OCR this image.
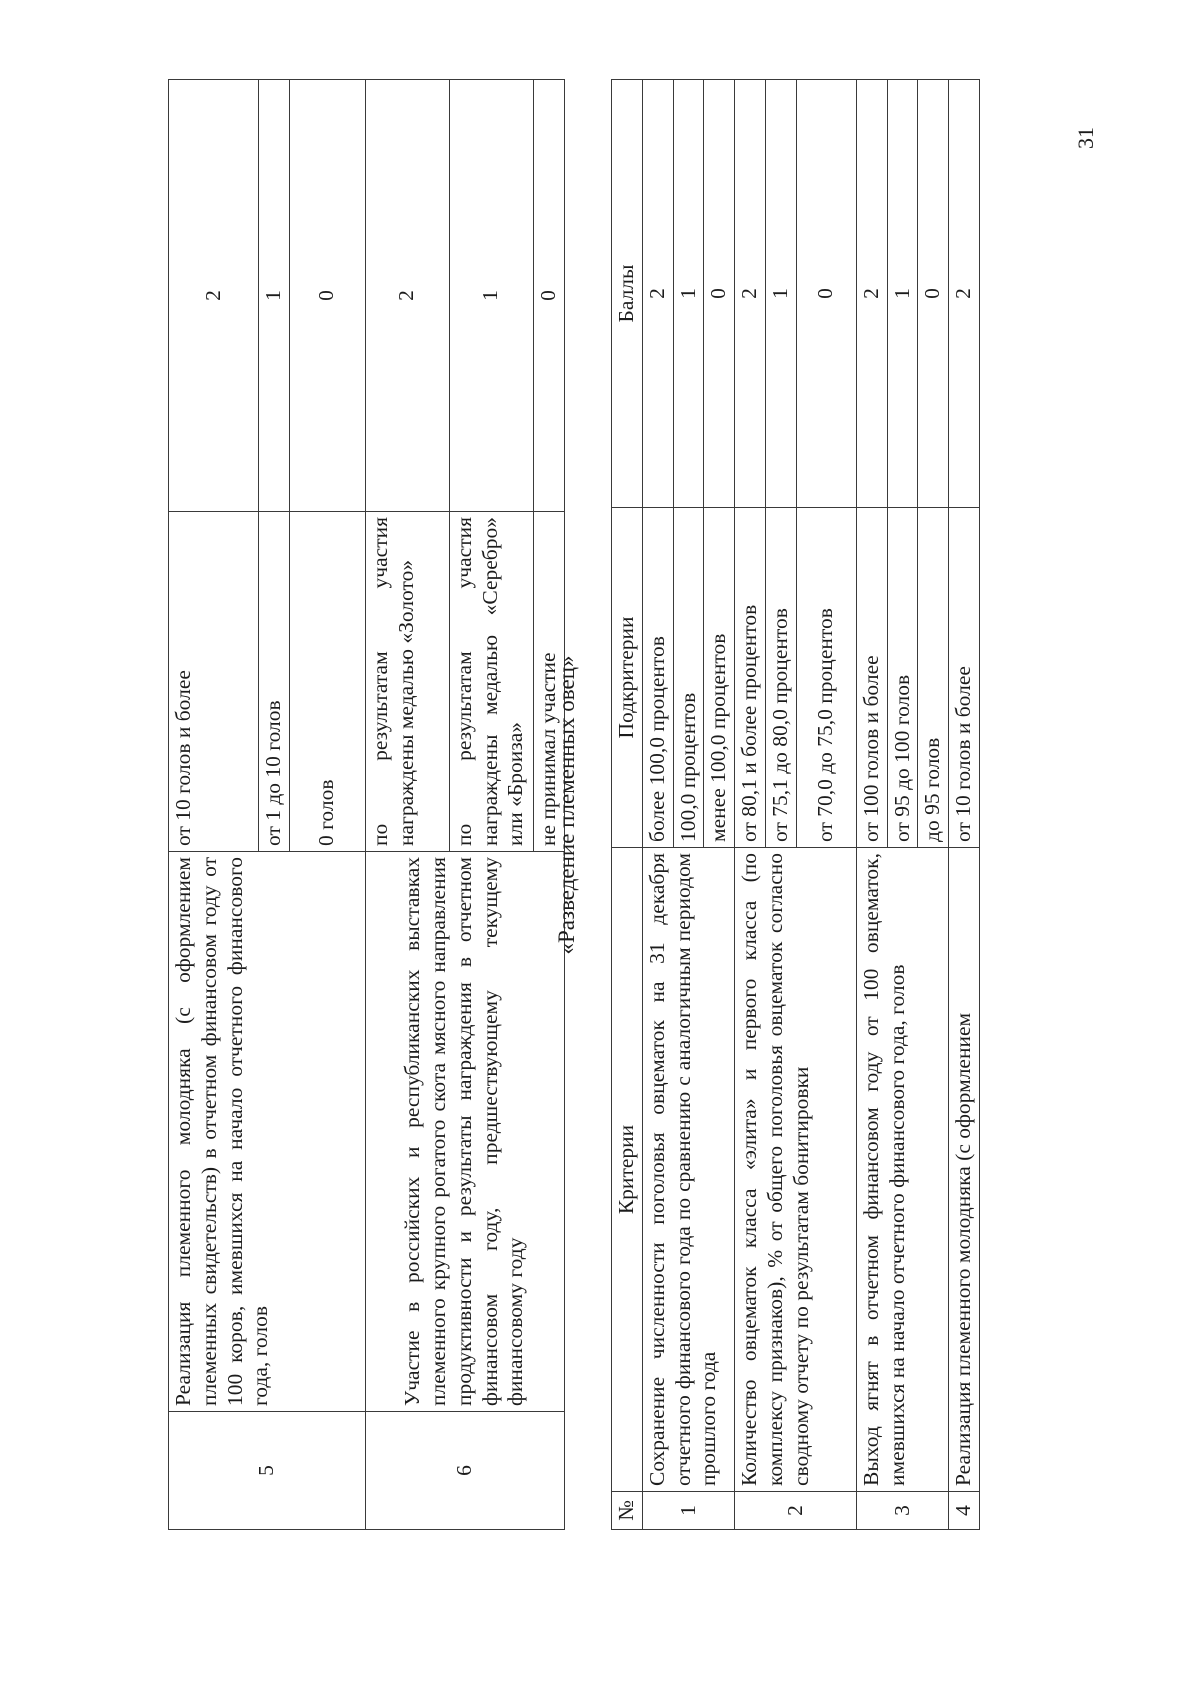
31
5	Реализация племенного молодняка (с оформлением племенных свидетельств) в отчетном финансовом году от 100 коров, имевшихся на начало отчетного финансового года, голов	от 10 голов и более	2
		от 1 до 10 голов	1
		0 голов	0
6	Участие в российских и республиканских выставках племенного крупного рогатого скота мясного направления продуктивности и результаты награждения в отчетном финансовом году, предшествующему текущему финансовому году	по результатам участия награждены медалью «Золото»	2
		по результатам участия награждены медалью «Серебро» или «Броиза»	1
		не принимал участие	0
«Разведение племенных овец»
№	Критерии	Подкритерии	Баллы
1	Сохранение численности поголовья овцематок на 31 декабря отчетного финансового года по сравнению с аналогичным периодом прошлого года	более 100,0 процентов	2
		100,0 процентов	1
		менее 100,0 процентов	0
2	Количество овцематок класса «элита» и первого класса (по комплексу признаков), % от общего поголовья овцематок согласно сводному отчету по результатам бонитировки	от 80,1 и более процентов	2
		от 75,1 до 80,0 процентов	1
		от 70,0 до 75,0 процентов	0
3	Выход ягнят в отчетном финансовом году от 100 овцематок, имевшихся на начало отчетного финансового года, голов	от 100 голов и более	2
		от 95 до 100 голов	1
		до 95 голов	0
4	Реализация племенного молодняка (с оформлением	от 10 голов и более	2
